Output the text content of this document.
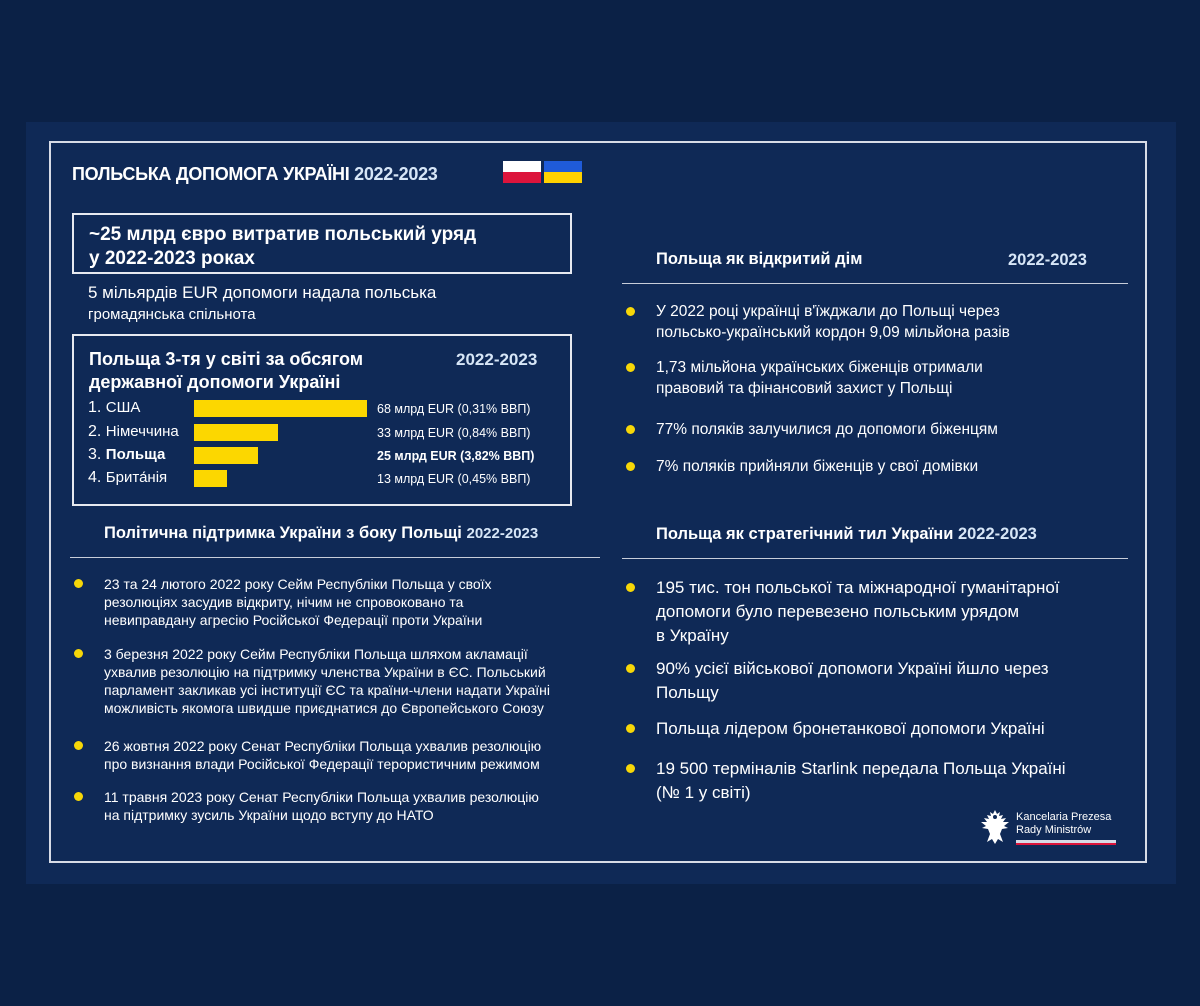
ПОЛЬСЬКА ДОПОМОГА УКРАЇНІ 2022-2023
~25 млрд євро витратив польський уряд
у 2022-2023 роках
5 мільярдів EUR допомоги надала польська
громадянська спільнота
Польща 3-тя у світі за обсягом
державної допомоги Україні
2022-2023
1. США	68 млрд EUR (0,31% ВВП)
2. Німеччина	33 млрд EUR (0,84% ВВП)
3. Польща	25 млрд EUR (3,82% ВВП)
4. Брита́нія	13 млрд EUR (0,45% ВВП)
Політична підтримка України з боку Польщі 2022-2023
23 та 24 лютого 2022 року Сейм Республіки Польща у своїх
резолюціях засудив відкриту, нічим не спровоковано та
невиправдану агресію Російської Федерації проти України
3 березня 2022 року Сейм Республіки Польща шляхом акламації
ухвалив резолюцію на підтримку членства України в ЄС. Польський
парламент закликав усі інституції ЄС та країни-члени надати Україні
можливість якомога швидше приєднатися до Європейського Союзу
26 жовтня 2022 року Сенат Республіки Польща ухвалив резолюцію
про визнання влади Російської Федерації терористичним режимом
11 травня 2023 року Сенат Республіки Польща ухвалив резолюцію
на підтримку зусиль України щодо вступу до НАТО
Польща як відкритий дім	2022-2023
У 2022 році українці в'їжджали до Польщі через
польсько-український кордон 9,09 мільйона разів
1,73 мільйона українських біженців отримали
правовий та фінансовий захист у Польщі
77% поляків залучилися до допомоги біженцям
7% поляків прийняли біженців у свої домівки
Польща як стратегічний тил України 2022-2023
195 тис. тон польської та міжнародної гуманітарної
допомоги було перевезено польським урядом
в Україну
90% усієї військової допомоги Україні йшло через
Польщу
Польща лідером бронетанкової допомоги Україні
19 500 терміналів Starlink передала Польща Україні
(№ 1 у світі)
Kancelaria Prezesa
Rady Ministrów
